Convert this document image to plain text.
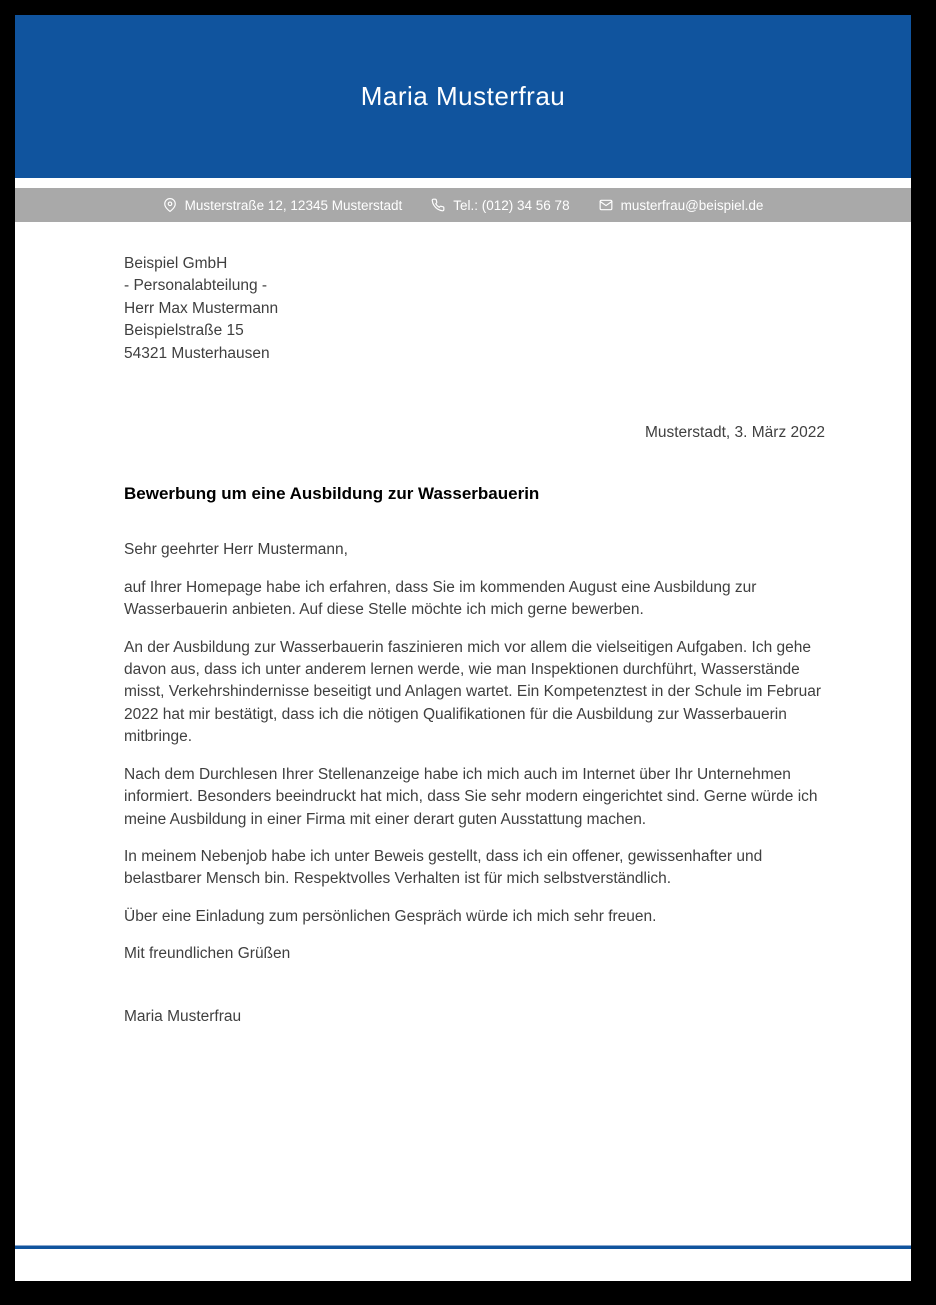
Maria Musterfrau
Musterstraße 12, 12345 Musterstadt	Tel.: (012) 34 56 78	musterfrau@beispiel.de
Beispiel GmbH
- Personalabteilung -
Herr Max Mustermann
Beispielstraße 15
54321 Musterhausen
Musterstadt, 3. März 2022
Bewerbung um eine Ausbildung zur Wasserbauerin

Sehr geehrter Herr Mustermann,

auf Ihrer Homepage habe ich erfahren, dass Sie im kommenden August eine Ausbildung zur Wasserbauerin anbieten. Auf diese Stelle möchte ich mich gerne bewerben.

An der Ausbildung zur Wasserbauerin faszinieren mich vor allem die vielseitigen Aufgaben. Ich gehe davon aus, dass ich unter anderem lernen werde, wie man Inspektionen durchführt, Wasserstände misst, Verkehrshindernisse beseitigt und Anlagen wartet. Ein Kompetenztest in der Schule im Februar 2022 hat mir bestätigt, dass ich die nötigen Qualifikationen für die Ausbildung zur Wasserbauerin mitbringe.

Nach dem Durchlesen Ihrer Stellenanzeige habe ich mich auch im Internet über Ihr Unternehmen informiert. Besonders beeindruckt hat mich, dass Sie sehr modern eingerichtet sind. Gerne würde ich meine Ausbildung in einer Firma mit einer derart guten Ausstattung machen.

In meinem Nebenjob habe ich unter Beweis gestellt, dass ich ein offener, gewissenhafter und belastbarer Mensch bin. Respektvolles Verhalten ist für mich selbstverständlich.

Über eine Einladung zum persönlichen Gespräch würde ich mich sehr freuen.

Mit freundlichen Grüßen

Maria Musterfrau
